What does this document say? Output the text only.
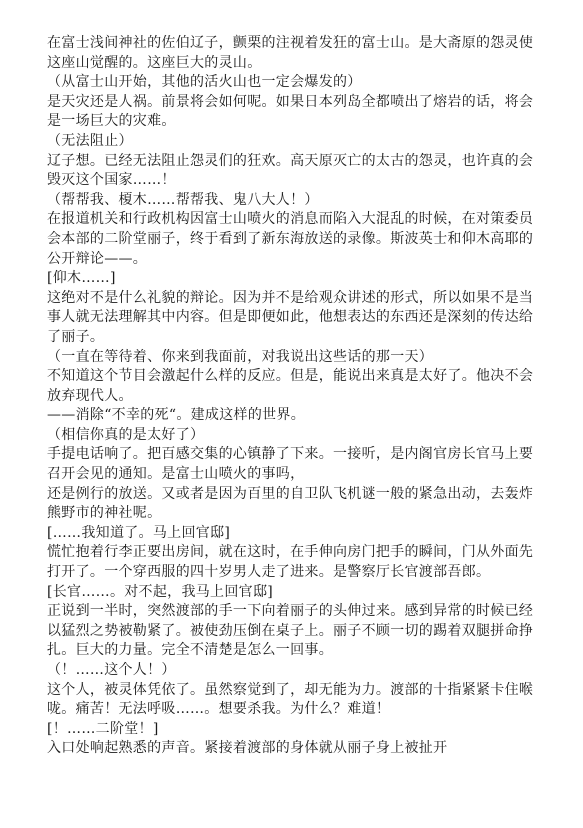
在富士浅间神社的佐伯辽子，颤栗的注视着发狂的富士山。是大斋原的怨灵使这座山觉醒的。这座巨大的灵山。

（从富士山开始，其他的活火山也一定会爆发的）

是天灾还是人祸。前景将会如何呢。如果日本列岛全都喷出了熔岩的话，将会是一场巨大的灾难。

（无法阻止）

辽子想。已经无法阻止怨灵们的狂欢。高天原灭亡的太古的怨灵，也许真的会毁灭这个国家……！

（帮帮我、榎木……帮帮我、鬼八大人！）

在报道机关和行政机构因富士山喷火的消息而陷入大混乱的时候，在对策委员会本部的二阶堂丽子，终于看到了新东海放送的录像。斯波英士和仰木高耶的公开辩论——。

[仰木……]

这绝对不是什么礼貌的辩论。因为并不是给观众讲述的形式，所以如果不是当事人就无法理解其中内容。但是即便如此，他想表达的东西还是深刻的传达给了丽子。

（一直在等待着、你来到我面前，对我说出这些话的那一天）

不知道这个节目会激起什么样的反应。但是，能说出来真是太好了。他决不会放弃现代人。

——消除“不幸的死“。建成这样的世界。

（相信你真的是太好了）

手提电话响了。把百感交集的心镇静了下来。一接听，是内阁官房长官马上要召开会见的通知。是富士山喷火的事吗，

还是例行的放送。又或者是因为百里的自卫队飞机谜一般的紧急出动，去轰炸熊野市的神社呢。

[……我知道了。马上回官邸]

慌忙抱着行李正要出房间，就在这时，在手伸向房门把手的瞬间，门从外面先打开了。一个穿西服的四十岁男人走了进来。是警察厅长官渡部吾郎。

[长官……。对不起，我马上回官邸]

正说到一半时，突然渡部的手一下向着丽子的头伸过来。感到异常的时候已经以猛烈之势被勒紧了。被使劲压倒在桌子上。丽子不顾一切的踢着双腿拼命挣扎。巨大的力量。完全不清楚是怎么一回事。

（！……这个人！）

这个人，被灵体凭依了。虽然察觉到了，却无能为力。渡部的十指紧紧卡住喉咙。痛苦！无法呼吸……。想要杀我。为什么？难道！

[！……二阶堂！]

入口处响起熟悉的声音。紧接着渡部的身体就从丽子身上被扯开
